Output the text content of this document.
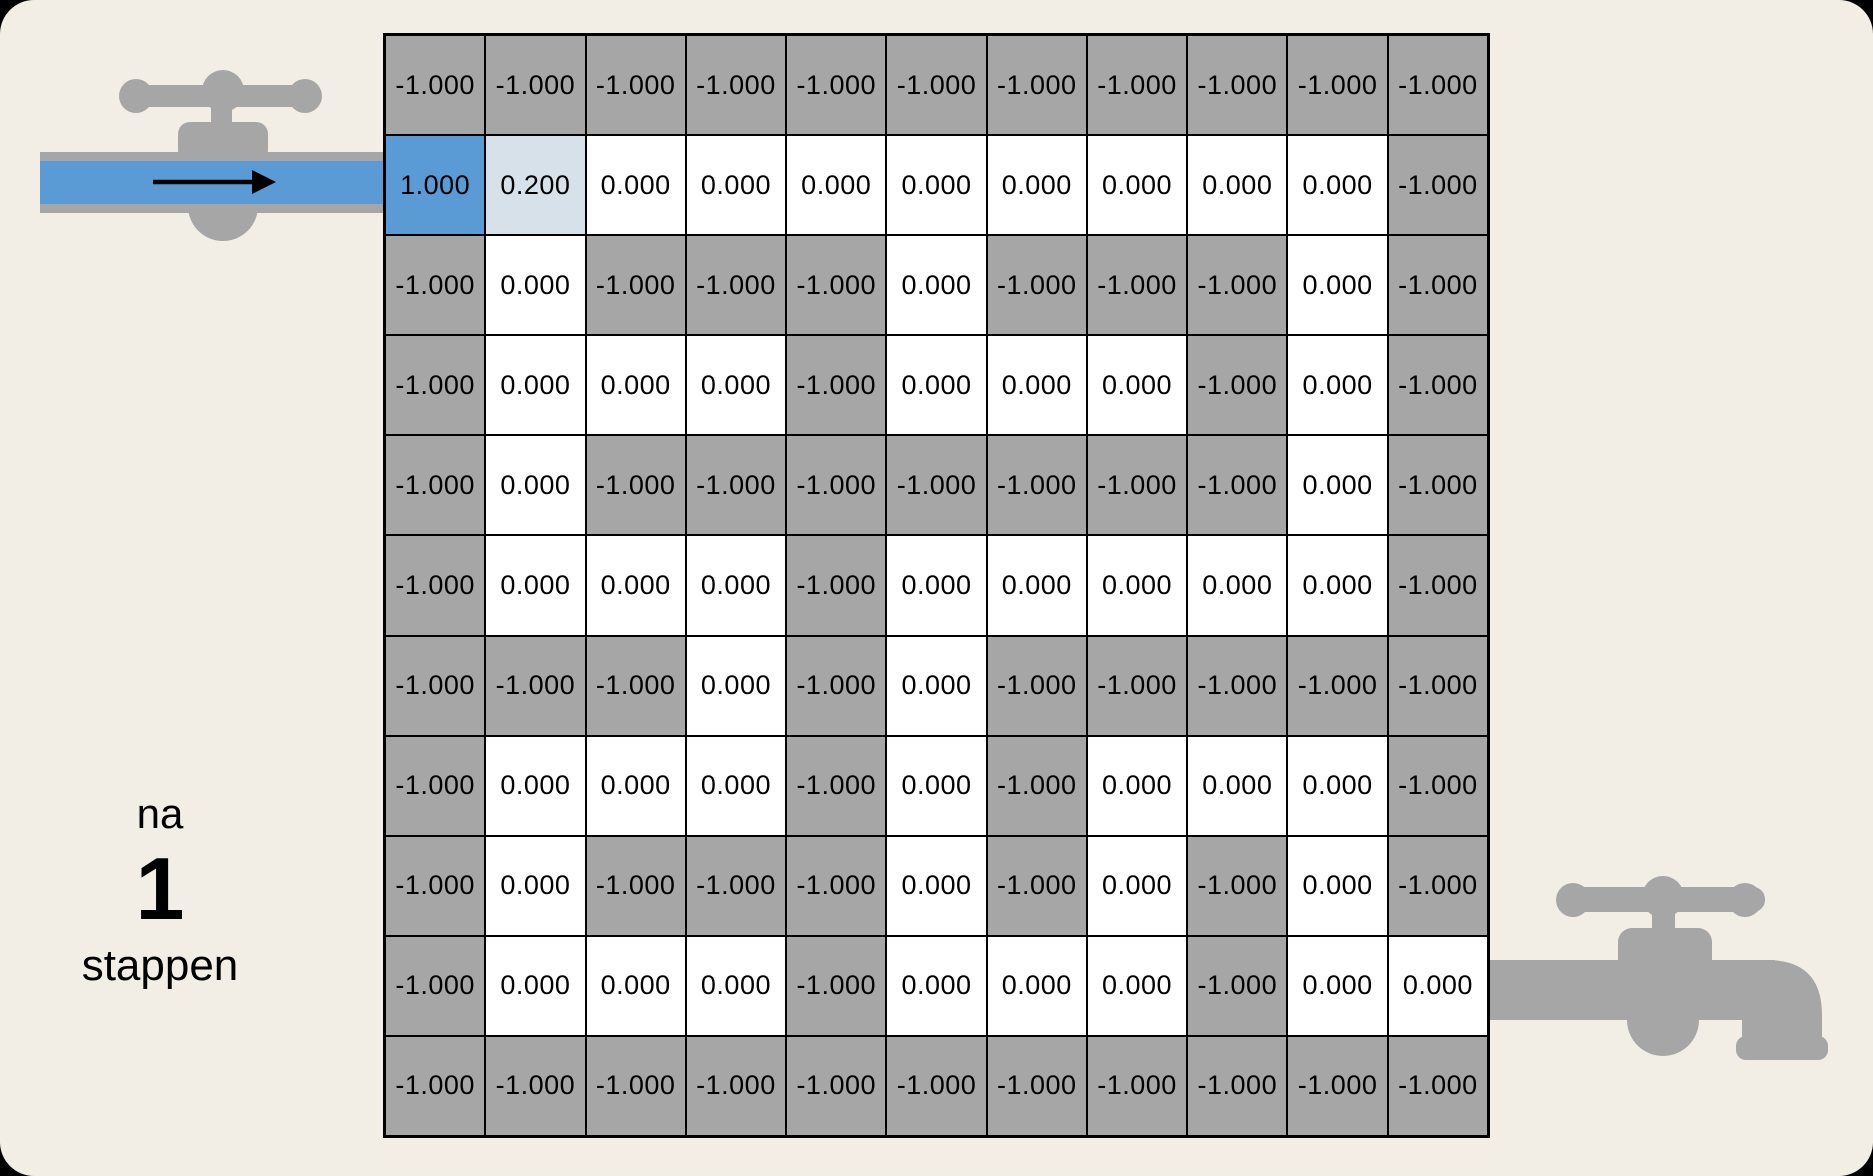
-1.000 -1.000 -1.000 -1.000 -1.000 -1.000 -1.000 -1.000 -1.000 -1.000 -1.000
1.000	0.200	0.000	0.000	0.000	0.000	0.000	0.000	0.000	0.000 -1.000
-1.000 0.000 -1.000 -1.000 -1.000 0.000 -1.000 -1.000 -1.000 0.000 -1.000
-1.000 0.000	0.000	0.000 -1.000 0.000	0.000	0.000 -1.000 0.000 -1.000
-1.000 0.000 -1.000 -1.000 -1.000 -1.000 -1.000 -1.000 -1.000 0.000 -1.000
-1.000 0.000	0.000	0.000 -1.000 0.000	0.000	0.000	0.000	0.000 -1.000
-1.000 -1.000 -1.000 0.000 -1.000 0.000 -1.000 -1.000 -1.000 -1.000 -1.000
-1.000 0.000	0.000	0.000 -1.000 0.000 -1.000 0.000	0.000	0.000 -1.000
-1.000 0.000 -1.000 -1.000 -1.000 0.000 -1.000 0.000 -1.000 0.000 -1.000
-1.000 0.000	0.000	0.000 -1.000 0.000	0.000	0.000 -1.000 0.000	0.000
-1.000 -1.000 -1.000 -1.000 -1.000 -1.000 -1.000 -1.000 -1.000 -1.000 -1.000
na
1
stappen
